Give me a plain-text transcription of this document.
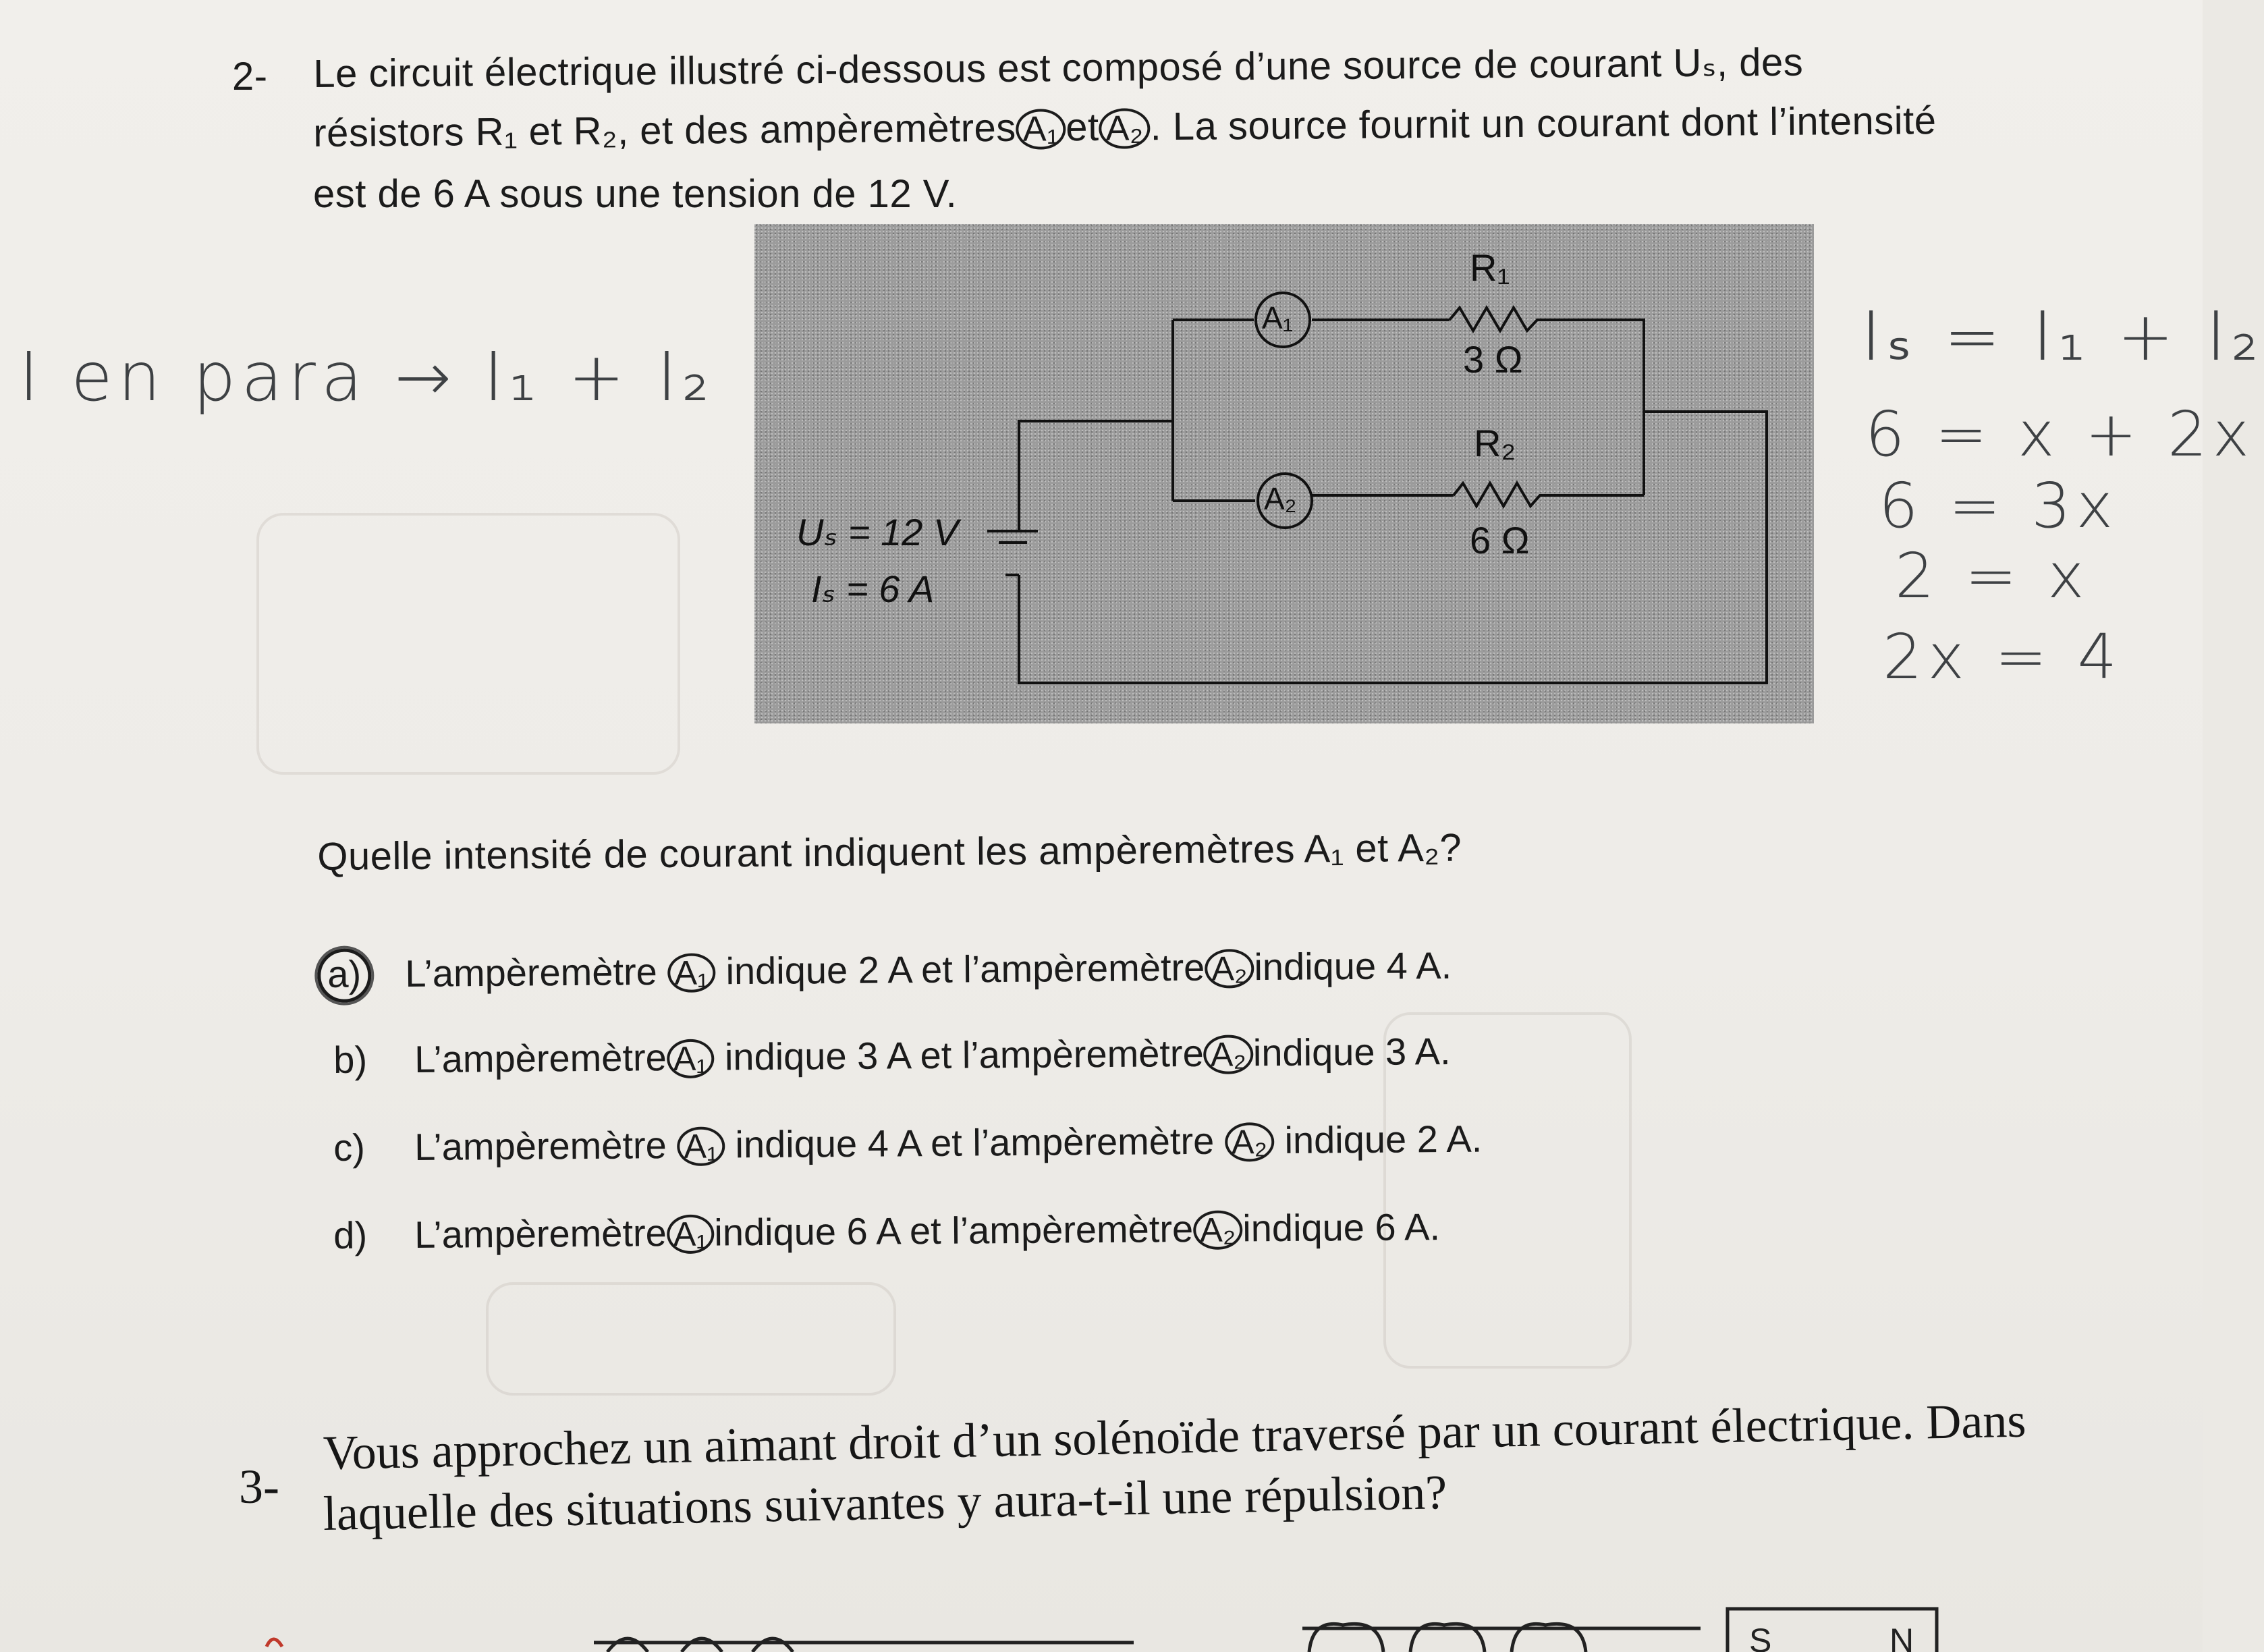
2- Le circuit électrique illustré ci-dessous est composé d’une source de courant Uₛ, des
résistors R₁ et R₂, et des ampèremètres A₁ et A₂ . La source fournit un courant dont l’intensité
est de 6 A sous une tension de 12 V.
R₁
3 Ω
R₂
6 Ω
A₁
A₂
Uₛ = 12 V
Iₛ = 6 A
I en para → I₁ + I₂
Iₛ = I₁ + I₂
6 = x + 2x
6 = 3x
2 = x
2x = 4
Quelle intensité de courant indiquent les ampèremètres A₁ et A₂?
a) L’ampèremètre A₁ indique 2 A et l’ampèremètre A₂ indique 4 A.
b) L’ampèremètre A₁ indique 3 A et l’ampèremètre A₂ indique 3 A.
c) L’ampèremètre A₁ indique 4 A et l’ampèremètre A₂ indique 2 A.
d) L’ampèremètre A₁ indique 6 A et l’ampèremètre A₂ indique 6 A.
3-
Vous approchez un aimant droit d’un solénoïde traversé par un courant électrique. Dans
laquelle des situations suivantes y aura-t-il une répulsion?
S	N
